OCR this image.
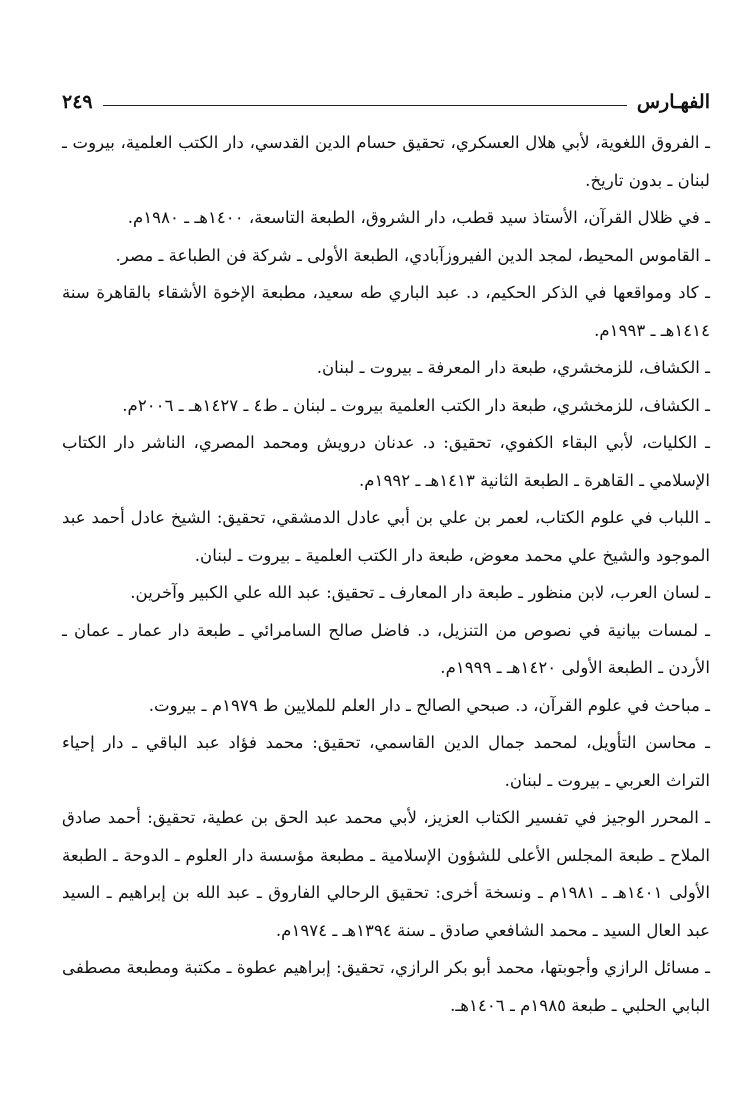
الفهـارس
٢٤٩

ـ الفروق اللغوية، لأبي هلال العسكري، تحقيق حسام الدين القدسي، دار الكتب العلمية، بيروت ـ لبنان ـ بدون تاريخ.

ـ في ظلال القرآن، الأستاذ سيد قطب، دار الشروق، الطبعة التاسعة، ١٤٠٠هـ ـ ١٩٨٠م.

ـ القاموس المحيط، لمجد الدين الفيروزآبادي، الطبعة الأولى ـ شركة فن الطباعة ـ مصر.

ـ كاد ومواقعها في الذكر الحكيم، د. عبد الباري طه سعيد، مطبعة الإخوة الأشقاء بالقاهرة سنة ١٤١٤هـ ـ ١٩٩٣م.

ـ الكشاف، للزمخشري، طبعة دار المعرفة ـ بيروت ـ لبنان.

ـ الكشاف، للزمخشري، طبعة دار الكتب العلمية بيروت ـ لبنان ـ ط٤ ـ ١٤٢٧هـ ـ ٢٠٠٦م.

ـ الكليات، لأبي البقاء الكفوي، تحقيق: د. عدنان درويش ومحمد المصري، الناشر دار الكتاب الإسلامي ـ القاهرة ـ الطبعة الثانية ١٤١٣هـ ـ ١٩٩٢م.

ـ اللباب في علوم الكتاب، لعمر بن علي بن أبي عادل الدمشقي، تحقيق: الشيخ عادل أحمد عبد الموجود والشيخ علي محمد معوض، طبعة دار الكتب العلمية ـ بيروت ـ لبنان.

ـ لسان العرب، لابن منظور ـ طبعة دار المعارف ـ تحقيق: عبد الله علي الكبير وآخرين.

ـ لمسات بيانية في نصوص من التنزيل، د. فاضل صالح السامرائي ـ طبعة دار عمار ـ عمان ـ الأردن ـ الطبعة الأولى ١٤٢٠هـ ـ ١٩٩٩م.

ـ مباحث في علوم القرآن، د. صبحي الصالح ـ دار العلم للملايين ط ١٩٧٩م ـ بيروت.

ـ محاسن التأويل، لمحمد جمال الدين القاسمي، تحقيق: محمد فؤاد عبد الباقي ـ دار إحياء التراث العربي ـ بيروت ـ لبنان.

ـ المحرر الوجيز في تفسير الكتاب العزيز، لأبي محمد عبد الحق بن عطية، تحقيق: أحمد صادق الملاح ـ طبعة المجلس الأعلى للشؤون الإسلامية ـ مطبعة مؤسسة دار العلوم ـ الدوحة ـ الطبعة الأولى ١٤٠١هـ ـ ١٩٨١م ـ ونسخة أخرى: تحقيق الرحالي الفاروق ـ عبد الله بن إبراهيم ـ السيد عبد العال السيد ـ محمد الشافعي صادق ـ سنة ١٣٩٤هـ ـ ١٩٧٤م.

ـ مسائل الرازي وأجوبتها، محمد أبو بكر الرازي، تحقيق: إبراهيم عطوة ـ مكتبة ومطبعة مصطفى البابي الحلبي ـ طبعة ١٩٨٥م ـ ١٤٠٦هـ.
